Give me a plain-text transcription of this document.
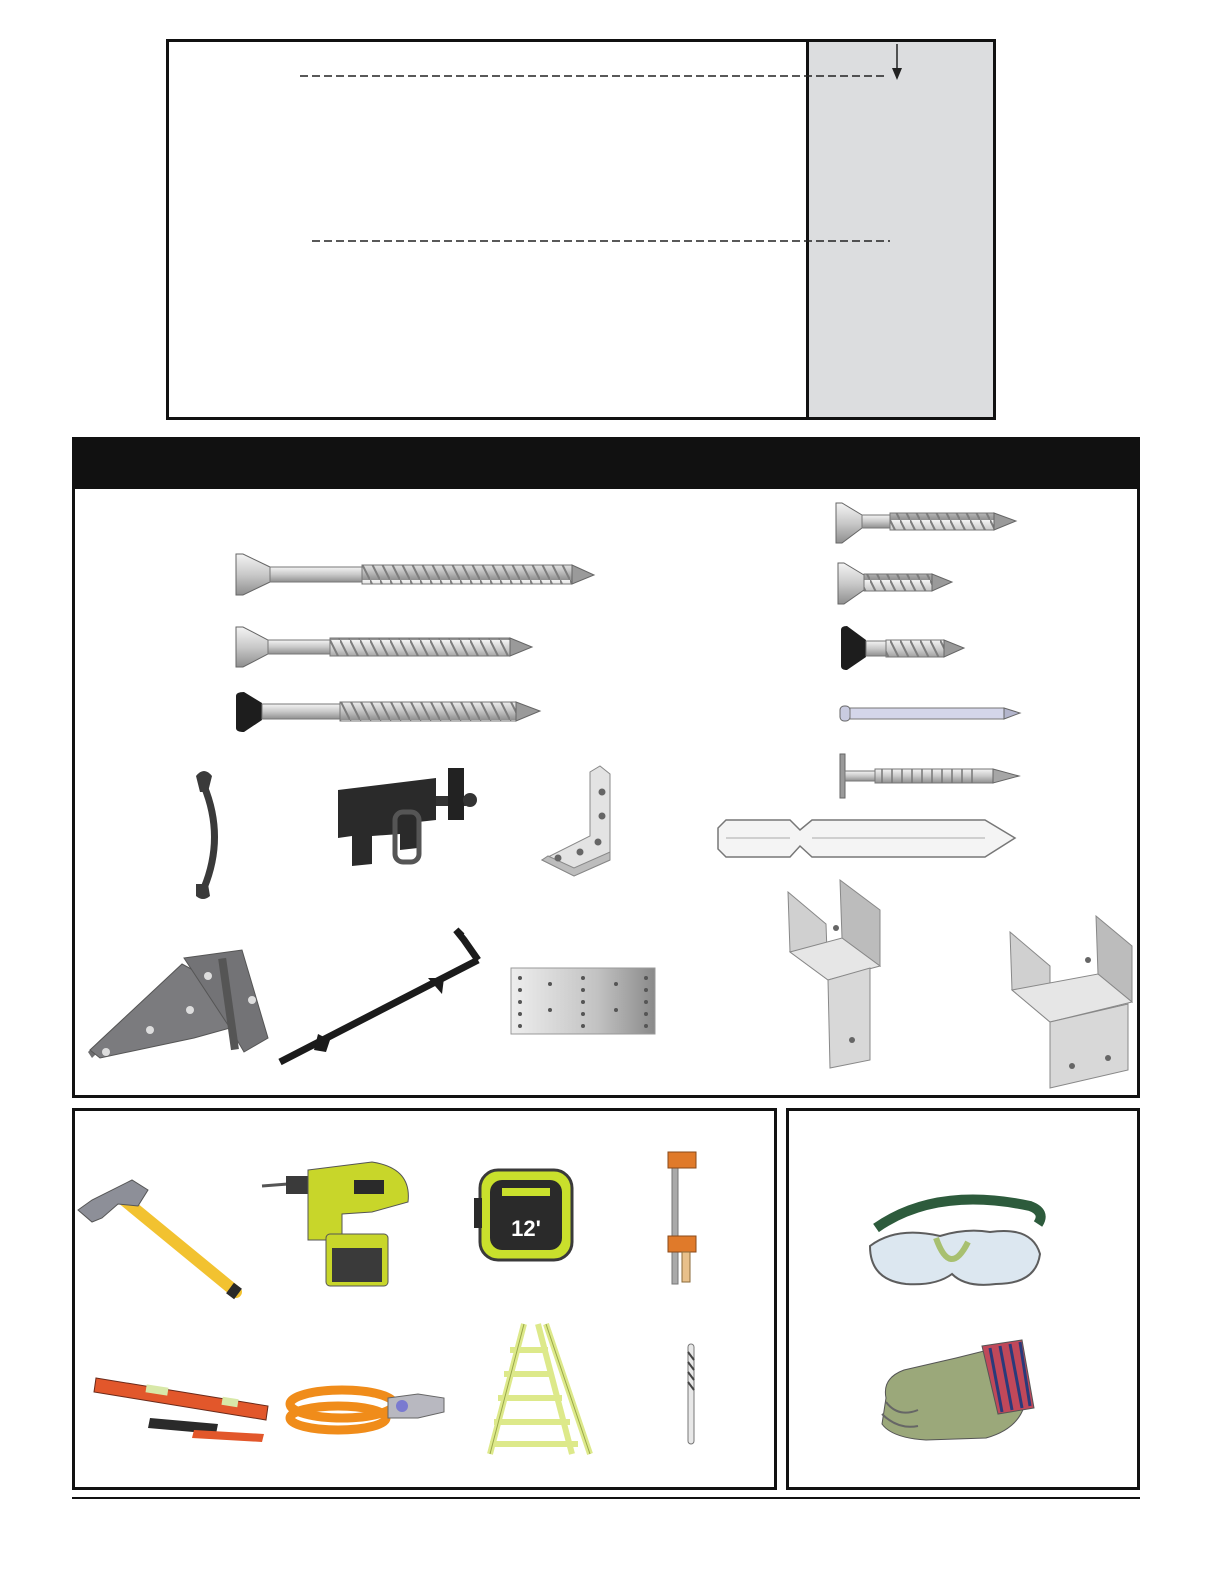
12'
